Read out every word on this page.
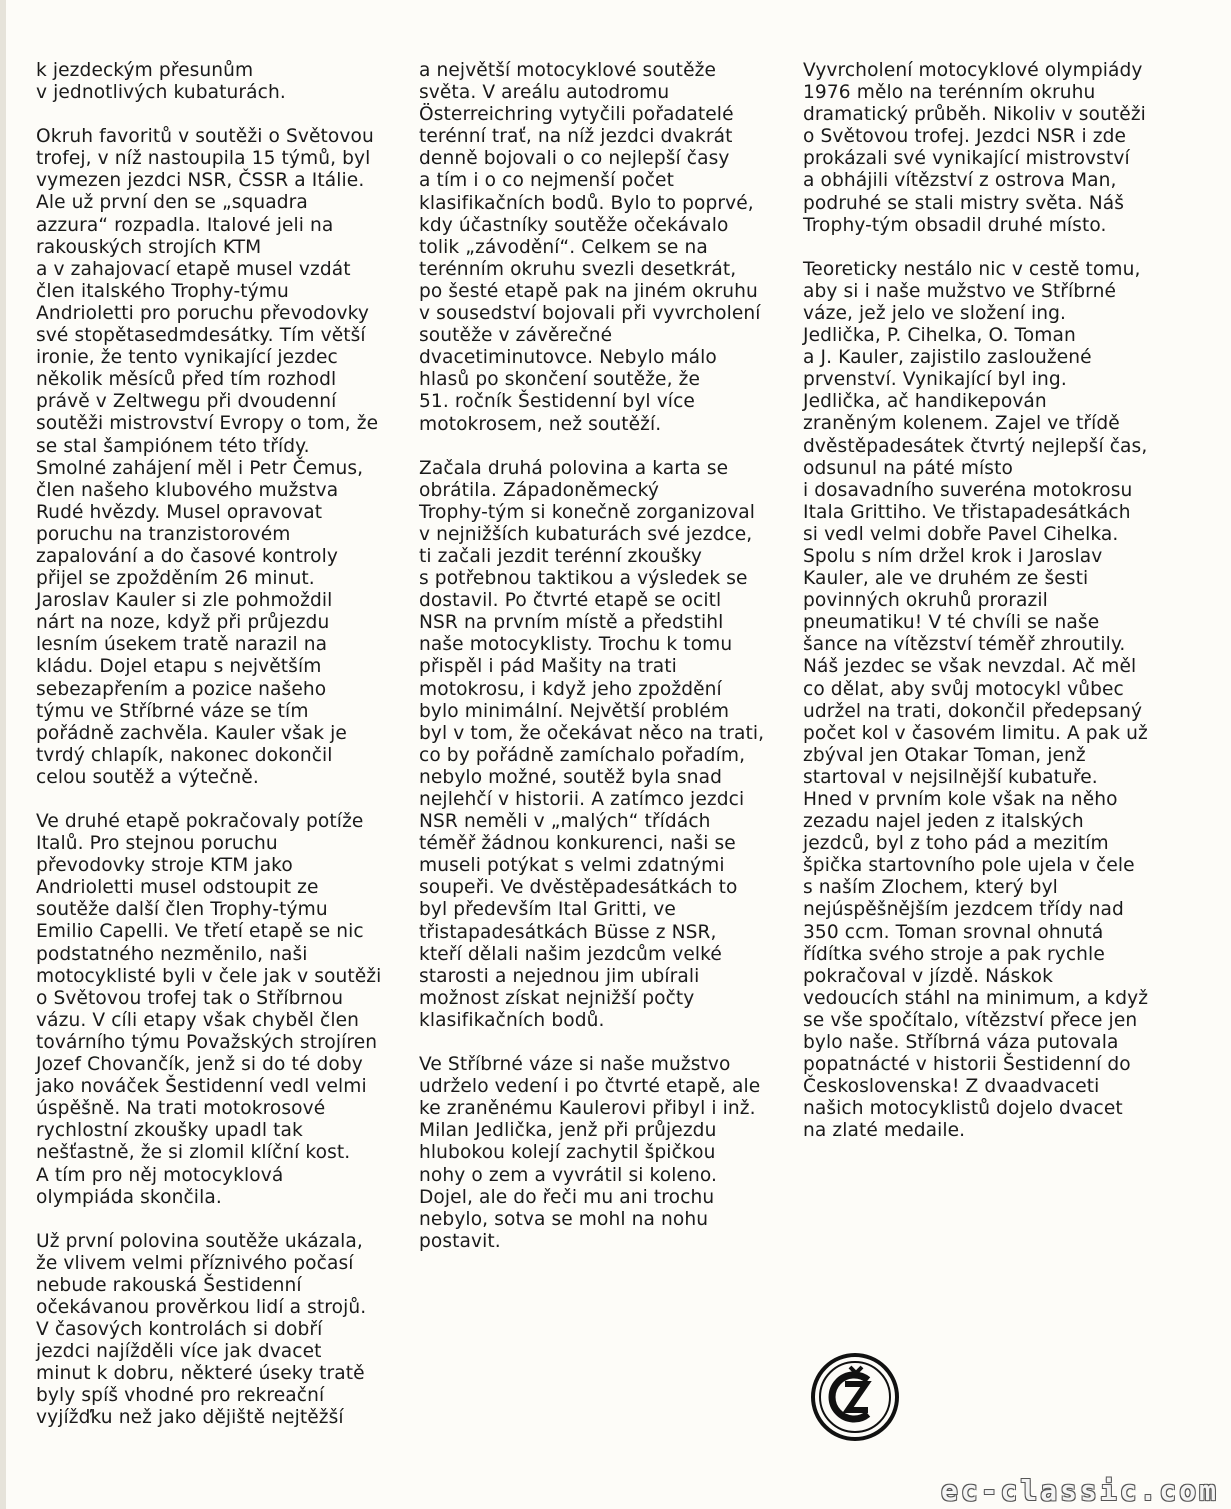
k jezdeckým přesunům
v jednotlivých kubaturách.
Okruh favoritů v soutěži o Světovou
trofej, v níž nastoupila 15 týmů, byl
vymezen jezdci NSR, ČSSR a Itálie.
Ale už první den se „squadra
azzura“ rozpadla. Italové jeli na
rakouských strojích KTM
a v zahajovací etapě musel vzdát
člen italského Trophy-týmu
Andrioletti pro poruchu převodovky
své stopětasedmdesátky. Tím větší
ironie, že tento vynikající jezdec
několik měsíců před tím rozhodl
právě v Zeltwegu při dvoudenní
soutěži mistrovství Evropy o tom, že
se stal šampiónem této třídy.
Smolné zahájení měl i Petr Čemus,
člen našeho klubového mužstva
Rudé hvězdy. Musel opravovat
poruchu na tranzistorovém
zapalování a do časové kontroly
přijel se zpožděním 26 minut.
Jaroslav Kauler si zle pohmoždil
nárt na noze, když při průjezdu
lesním úsekem tratě narazil na
kládu. Dojel etapu s největším
sebezapřením a pozice našeho
týmu ve Stříbrné váze se tím
pořádně zachvěla. Kauler však je
tvrdý chlapík, nakonec dokončil
celou soutěž a výtečně.
Ve druhé etapě pokračovaly potíže
Italů. Pro stejnou poruchu
převodovky stroje KTM jako
Andrioletti musel odstoupit ze
soutěže další člen Trophy-týmu
Emilio Capelli. Ve třetí etapě se nic
podstatného nezměnilo, naši
motocyklisté byli v čele jak v soutěži
o Světovou trofej tak o Stříbrnou
vázu. V cíli etapy však chyběl člen
továrního týmu Považských strojíren
Jozef Chovančík, jenž si do té doby
jako nováček Šestidenní vedl velmi
úspěšně. Na trati motokrosové
rychlostní zkoušky upadl tak
nešťastně, že si zlomil klíční kost.
A tím pro něj motocyklová
olympiáda skončila.
Už první polovina soutěže ukázala,
že vlivem velmi příznivého počasí
nebude rakouská Šestidenní
očekávanou prověrkou lidí a strojů.
V časových kontrolách si dobří
jezdci najížděli více jak dvacet
minut k dobru, některé úseky tratě
byly spíš vhodné pro rekreační
vyjížďku než jako dějiště nejtěžší
a největší motocyklové soutěže
světa. V areálu autodromu
Österreichring vytyčili pořadatelé
terénní trať, na níž jezdci dvakrát
denně bojovali o co nejlepší časy
a tím i o co nejmenší počet
klasifikačních bodů. Bylo to poprvé,
kdy účastníky soutěže očekávalo
tolik „závodění“. Celkem se na
terénním okruhu svezli desetkrát,
po šesté etapě pak na jiném okruhu
v sousedství bojovali při vyvrcholení
soutěže v závěrečné
dvacetiminutovce. Nebylo málo
hlasů po skončení soutěže, že
51. ročník Šestidenní byl více
motokrosem, než soutěží.
Začala druhá polovina a karta se
obrátila. Západoněmecký
Trophy-tým si konečně zorganizoval
v nejnižších kubaturách své jezdce,
ti začali jezdit terénní zkoušky
s potřebnou taktikou a výsledek se
dostavil. Po čtvrté etapě se ocitl
NSR na prvním místě a předstihl
naše motocyklisty. Trochu k tomu
přispěl i pád Mašity na trati
motokrosu, i když jeho zpoždění
bylo minimální. Největší problém
byl v tom, že očekávat něco na trati,
co by pořádně zamíchalo pořadím,
nebylo možné, soutěž byla snad
nejlehčí v historii. A zatímco jezdci
NSR neměli v „malých“ třídách
téměř žádnou konkurenci, naši se
museli potýkat s velmi zdatnými
soupeři. Ve dvěstěpadesátkách to
byl především Ital Gritti, ve
třistapadesátkách Büsse z NSR,
kteří dělali našim jezdcům velké
starosti a nejednou jim ubírali
možnost získat nejnižší počty
klasifikačních bodů.
Ve Stříbrné váze si naše mužstvo
udrželo vedení i po čtvrté etapě, ale
ke zraněnému Kaulerovi přibyl i inž.
Milan Jedlička, jenž při průjezdu
hlubokou kolejí zachytil špičkou
nohy o zem a vyvrátil si koleno.
Dojel, ale do řeči mu ani trochu
nebylo, sotva se mohl na nohu
postavit.
Vyvrcholení motocyklové olympiády
1976 mělo na terénním okruhu
dramatický průběh. Nikoliv v soutěži
o Světovou trofej. Jezdci NSR i zde
prokázali své vynikající mistrovství
a obhájili vítězství z ostrova Man,
podruhé se stali mistry světa. Náš
Trophy-tým obsadil druhé místo.
Teoreticky nestálo nic v cestě tomu,
aby si i naše mužstvo ve Stříbrné
váze, jež jelo ve složení ing.
Jedlička, P. Cihelka, O. Toman
a J. Kauler, zajistilo zasloužené
prvenství. Vynikající byl ing.
Jedlička, ač handikepován
zraněným kolenem. Zajel ve třídě
dvěstěpadesátek čtvrtý nejlepší čas,
odsunul na páté místo
i dosavadního suveréna motokrosu
Itala Grittiho. Ve třistapadesátkách
si vedl velmi dobře Pavel Cihelka.
Spolu s ním držel krok i Jaroslav
Kauler, ale ve druhém ze šesti
povinných okruhů prorazil
pneumatiku! V té chvíli se naše
šance na vítězství téměř zhroutily.
Náš jezdec se však nevzdal. Ač měl
co dělat, aby svůj motocykl vůbec
udržel na trati, dokončil předepsaný
počet kol v časovém limitu. A pak už
zbýval jen Otakar Toman, jenž
startoval v nejsilnější kubatuře.
Hned v prvním kole však na něho
zezadu najel jeden z italských
jezdců, byl z toho pád a mezitím
špička startovního pole ujela v čele
s naším Zlochem, který byl
nejúspěšnějším jezdcem třídy nad
350 ccm. Toman srovnal ohnutá
řídítka svého stroje a pak rychle
pokračoval v jízdě. Náskok
vedoucích stáhl na minimum, a když
se vše spočítalo, vítězství přece jen
bylo naše. Stříbrná váza putovala
popatnácté v historii Šestidenní do
Československa! Z dvaadvaceti
našich motocyklistů dojelo dvacet
na zlaté medaile.
ec-classic.com
